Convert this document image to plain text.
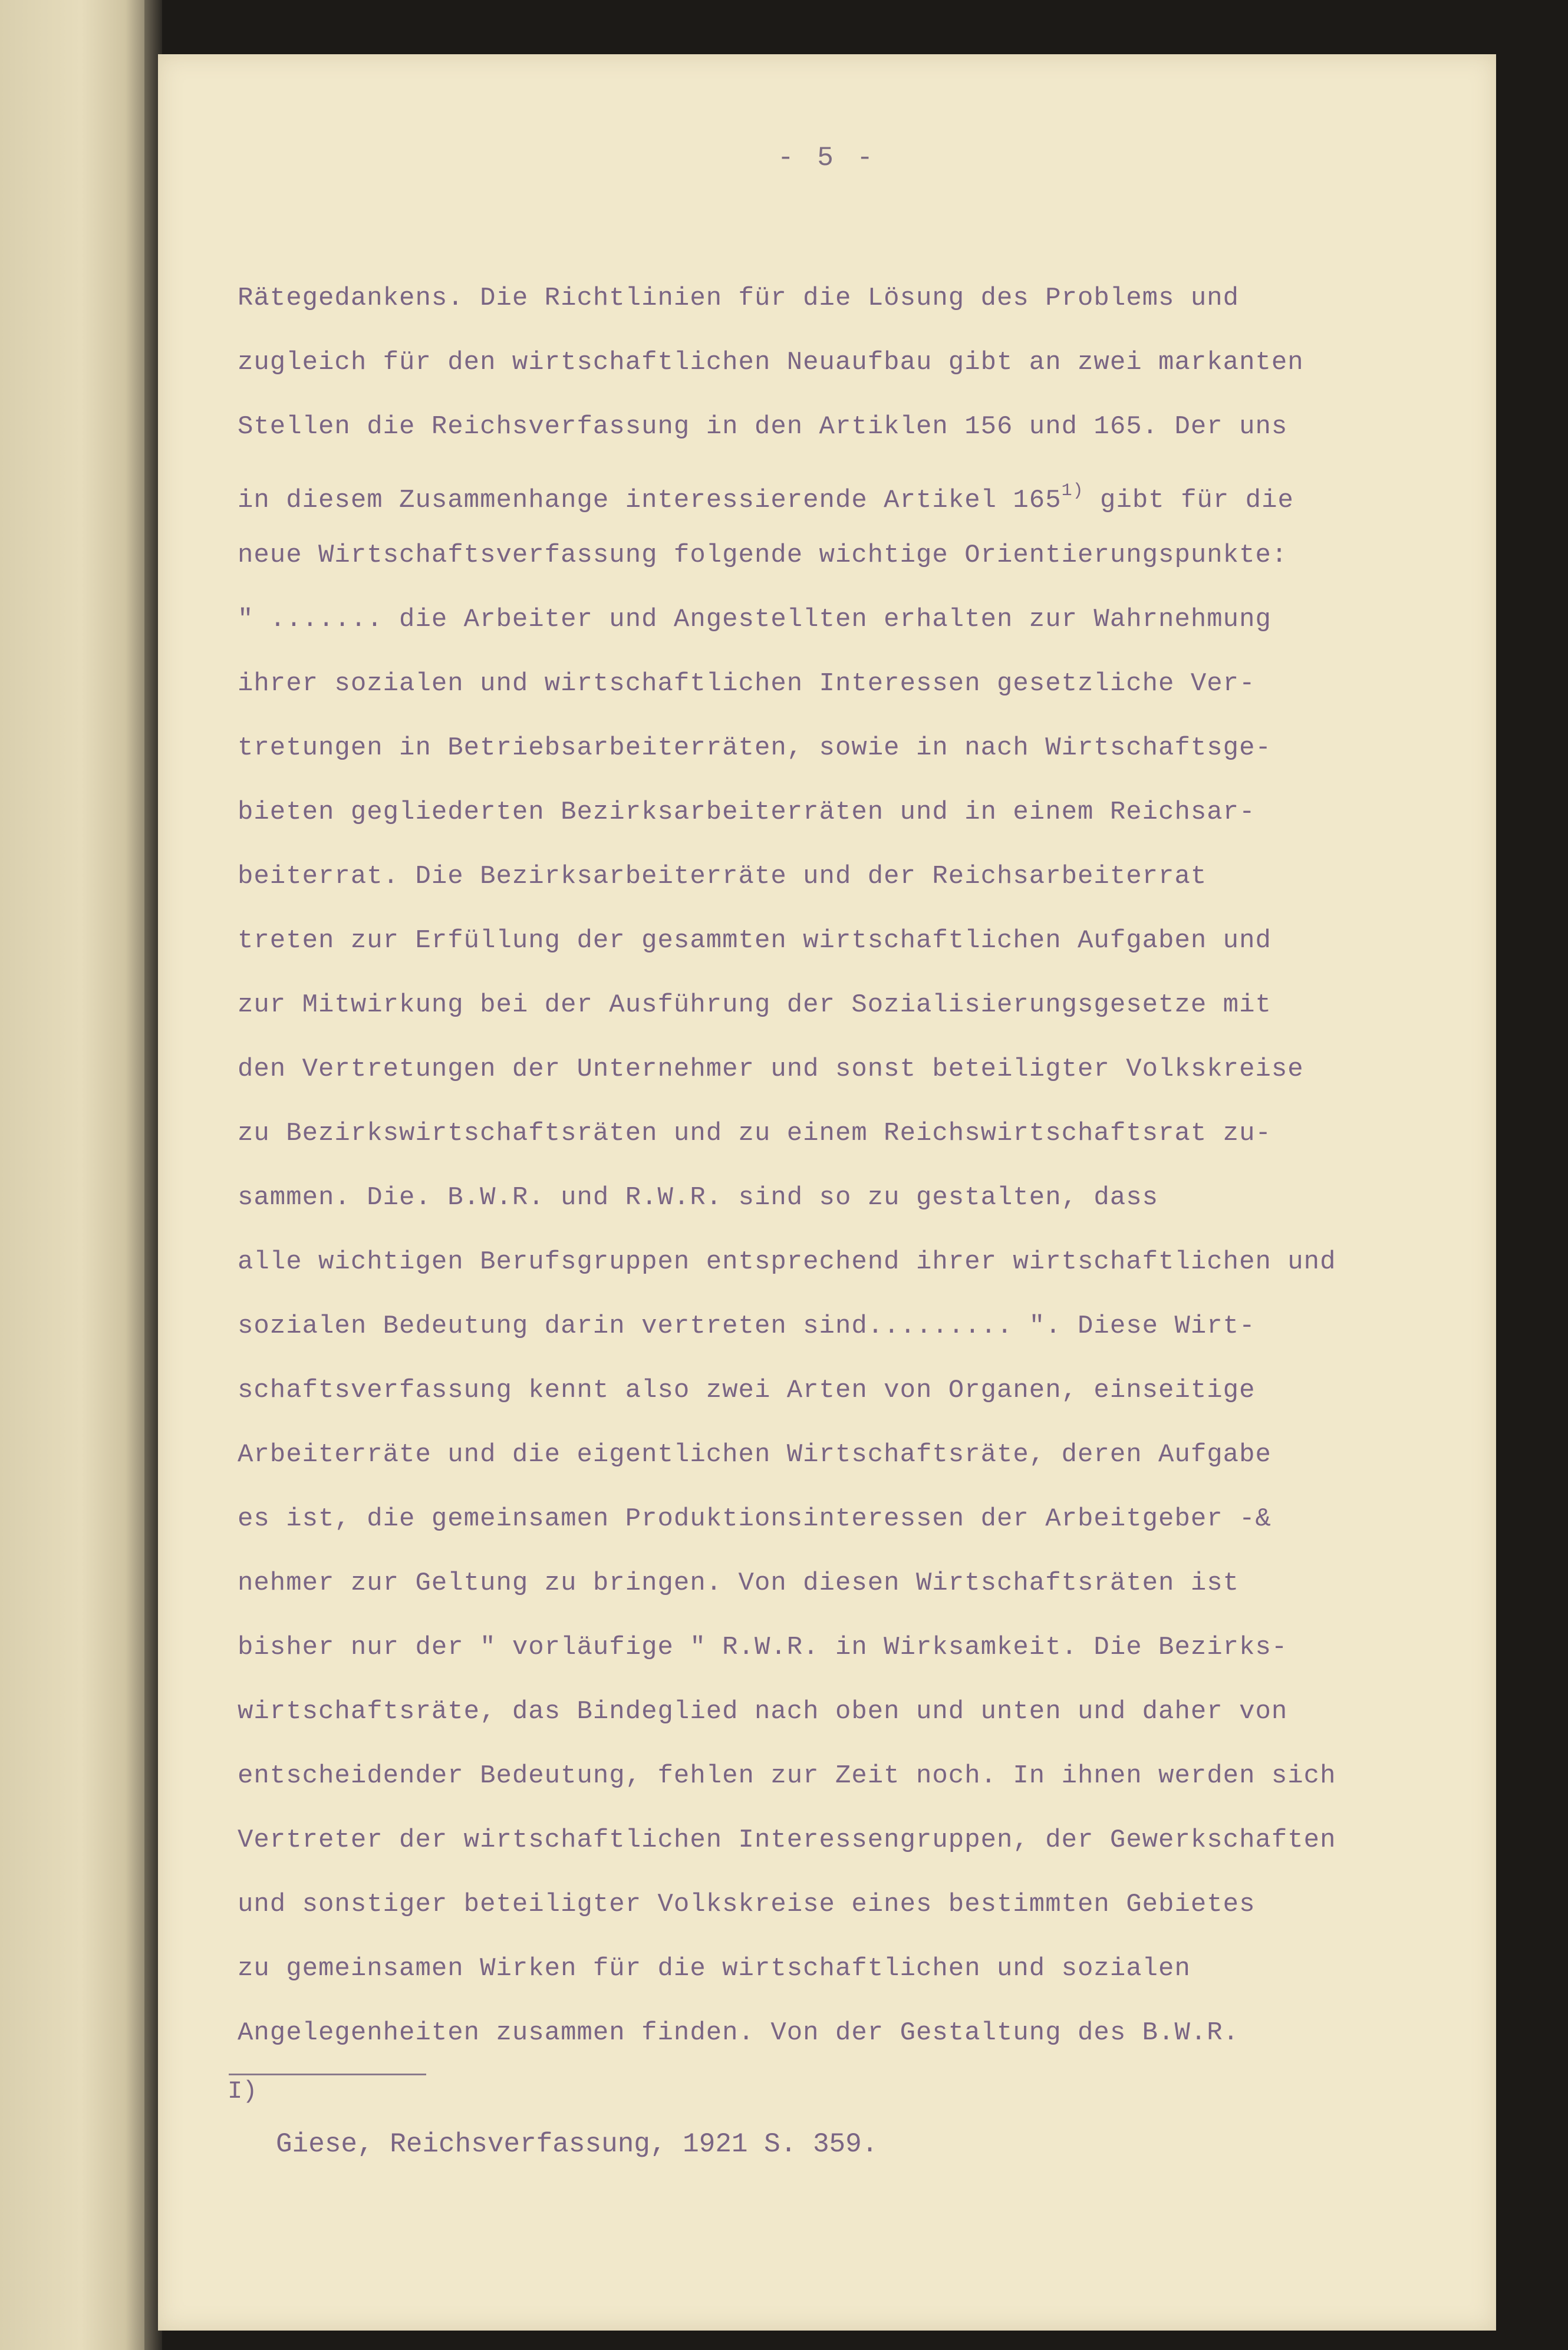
- 5 -
Rätegedankens. Die Richtlinien für die Lösung des Problems und
zugleich für den wirtschaftlichen Neuaufbau gibt an zwei markanten
Stellen die Reichsverfassung in den Artiklen 156 und 165. Der uns
in diesem Zusammenhange interessierende Artikel 165$^{1)}$ gibt für die
neue Wirtschaftsverfassung folgende wichtige Orientierungspunkte:
" ....... die Arbeiter und Angestellten erhalten zur Wahrnehmung
ihrer sozialen und wirtschaftlichen Interessen gesetzliche Ver-
tretungen in Betriebsarbeiterräten, sowie in nach Wirtschaftsge-
bieten gegliederten Bezirksarbeiterräten und in einem Reichsar-
beiterrat. Die Bezirksarbeiterräte und der Reichsarbeiterrat
treten zur Erfüllung der gesammten wirtschaftlichen Aufgaben und
zur Mitwirkung bei der Ausführung der Sozialisierungsgesetze mit
den Vertretungen der Unternehmer und sonst beteiligter Volkskreise
zu Bezirkswirtschaftsräten und zu einem Reichswirtschaftsrat zu-
sammen. Die. B.W.R. und R.W.R. sind so zu gestalten, dass
alle wichtigen Berufsgruppen entsprechend ihrer wirtschaftlichen und
sozialen Bedeutung darin vertreten sind......... ". Diese Wirt-
schaftsverfassung kennt also zwei Arten von Organen, einseitige
Arbeiterräte und die eigentlichen Wirtschaftsräte, deren Aufgabe
es ist, die gemeinsamen Produktionsinteressen der Arbeitgeber -&
nehmer zur Geltung zu bringen. Von diesen Wirtschaftsräten ist
bisher nur der " vorläufige " R.W.R. in Wirksamkeit. Die Bezirks-
wirtschaftsräte, das Bindeglied nach oben und unten und daher von
entscheidender Bedeutung, fehlen zur Zeit noch. In ihnen werden sich
Vertreter der wirtschaftlichen Interessengruppen, der Gewerkschaften
und sonstiger beteiligter Volkskreise eines bestimmten Gebietes
zu gemeinsamen Wirken für die wirtschaftlichen und sozialen
Angelegenheiten zusammen finden. Von der Gestaltung des B.W.R.
I)
Giese, Reichsverfassung, 1921 S. 359.
